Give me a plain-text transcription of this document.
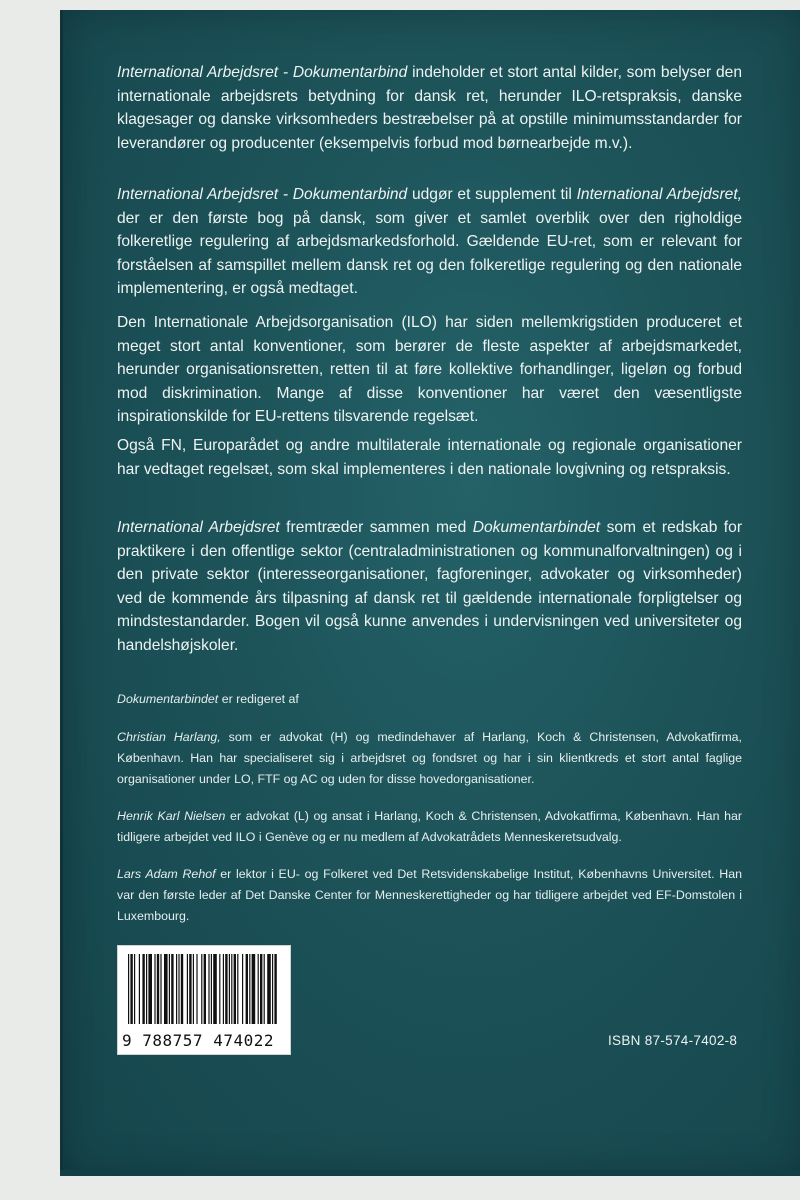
International Arbejdsret - Dokumentarbind indeholder et stort antal kilder, som belyser den internationale arbejdsrets betydning for dansk ret, herunder ILO-retspraksis, danske klagesager og danske virksomheders bestræbelser på at opstille minimumsstandarder for leverandører og producenter (eksempelvis forbud mod børnearbejde m.v.).

International Arbejdsret - Dokumentarbind udgør et supplement til International Arbejdsret, der er den første bog på dansk, som giver et samlet overblik over den righoldige folkeretlige regulering af arbejdsmarkedsforhold. Gældende EU-ret, som er relevant for forståelsen af samspillet mellem dansk ret og den folkeretlige regulering og den nationale implementering, er også medtaget.

Den Internationale Arbejdsorganisation (ILO) har siden mellemkrigstiden produceret et meget stort antal konventioner, som berører de fleste aspekter af arbejdsmarkedet, herunder organisationsretten, retten til at føre kollektive forhandlinger, ligeløn og forbud mod diskrimination. Mange af disse konventioner har været den væsentligste inspirationskilde for EU-rettens tilsvarende regelsæt.

Også FN, Europarådet og andre multilaterale internationale og regionale organisationer har vedtaget regelsæt, som skal implementeres i den nationale lovgivning og retspraksis.

International Arbejdsret fremtræder sammen med Dokumentarbindet som et redskab for praktikere i den offentlige sektor (centraladministrationen og kommunalforvaltningen) og i den private sektor (interesseorganisationer, fagforeninger, advokater og virksomheder) ved de kommende års tilpasning af dansk ret til gældende internationale forpligtelser og mindstestandarder. Bogen vil også kunne anvendes i undervisningen ved universiteter og handelshøjskoler.

Dokumentarbindet er redigeret af

Christian Harlang, som er advokat (H) og medindehaver af Harlang, Koch & Christensen, Advokatfirma, København. Han har specialiseret sig i arbejdsret og fondsret og har i sin klientkreds et stort antal faglige organisationer under LO, FTF og AC og uden for disse hovedorganisationer.

Henrik Karl Nielsen er advokat (L) og ansat i Harlang, Koch & Christensen, Advokatfirma, København. Han har tidligere arbejdet ved ILO i Genève og er nu medlem af Advokatrådets Menneskeretsudvalg.

Lars Adam Rehof er lektor i EU- og Folkeret ved Det Retsvidenskabelige Institut, Københavns Universitet. Han var den første leder af Det Danske Center for Menneskerettigheder og har tidligere arbejdet ved EF-Domstolen i Luxembourg.

9 788757 474022	ISBN 87-574-7402-8
